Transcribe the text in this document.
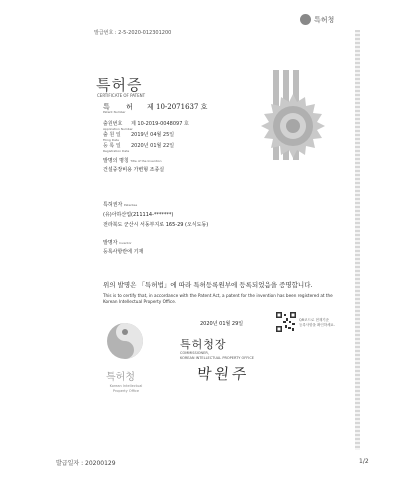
발급번호 : 2-5-2020-012301200
특허청
특허증
CERTIFICATE OF PATENT
특 허 제 10-2071637 호
Patent Number
출원번호
Application Number
제 10-2019-0048097 호
출 원 일
Filing Date
2019년 04월 25일
등 록 일
Registration Date
2020년 01월 22일
발명의 명칭 Title of the Invention
건설중장비용 가변형 조종실
특허권자 Patentee
(유)아하산업(211114-*******)
전라북도 군산시 서동부지로 165-29 (오식도동)
발명자 Inventor
등록사항란에 기재
위의 발명은 「특허법」에 따라 특허등록원부에 등록되었음을 증명합니다.
This is to certify that, in accordance with the Patent Act, a patent for the invention has been registered at the Korean Intellectual Property Office.
특허청
Korean Intellectual Property Office
2020년 01월 29일
QR코드로 현재기준
등록사항을 확인하세요.
특허청장
COMMISSIONER,
KOREAN INTELLECTUAL PROPERTY OFFICE
박원주
발급일자 : 20200129	1/2
